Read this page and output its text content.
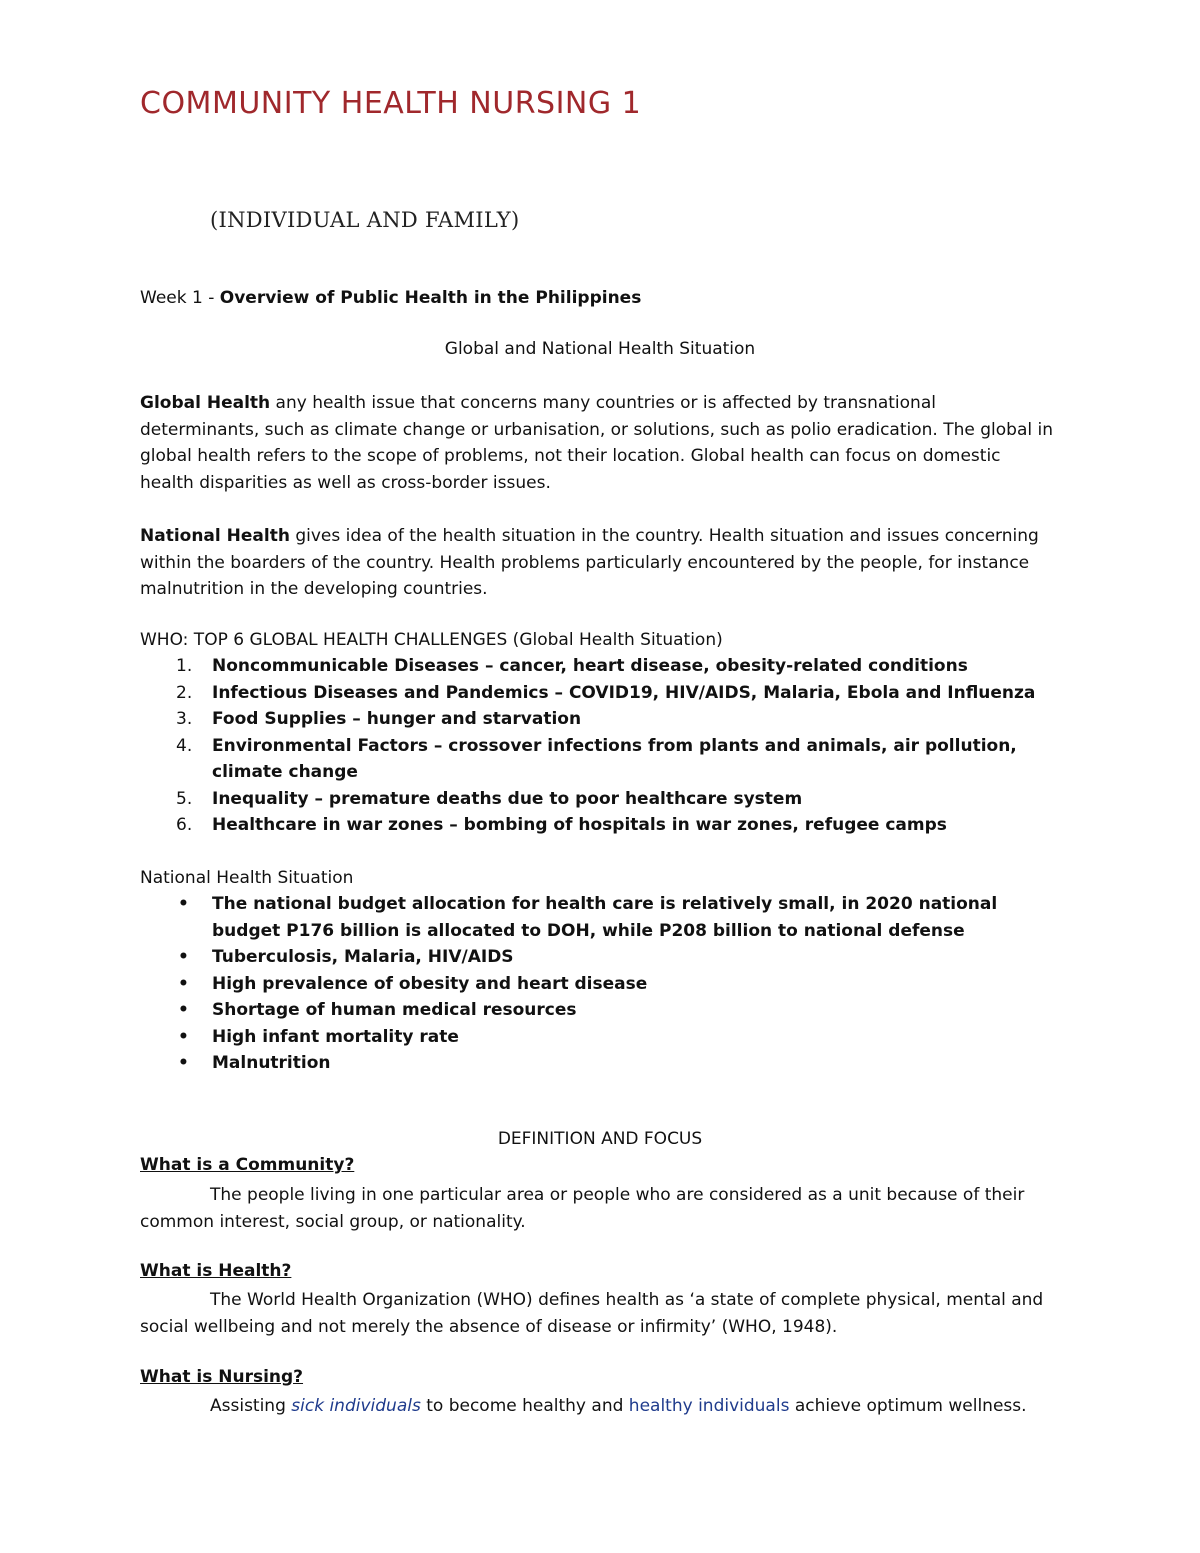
COMMUNITY HEALTH NURSING 1
(INDIVIDUAL AND FAMILY)
Week 1 - Overview of Public Health in the Philippines
Global and National Health Situation
Global Health any health issue that concerns many countries or is affected by transnational determinants, such as climate change or urbanisation, or solutions, such as polio eradication. The global in global health refers to the scope of problems, not their location. Global health can focus on domestic health disparities as well as cross-border issues.
National Health gives idea of the health situation in the country. Health situation and issues concerning within the boarders of the country. Health problems particularly encountered by the people, for instance malnutrition in the developing countries.
WHO: TOP 6 GLOBAL HEALTH CHALLENGES (Global Health Situation)
1. Noncommunicable Diseases – cancer, heart disease, obesity-related conditions
2. Infectious Diseases and Pandemics – COVID19, HIV/AIDS, Malaria, Ebola and Influenza
3. Food Supplies – hunger and starvation
4. Environmental Factors – crossover infections from plants and animals, air pollution, climate change
5. Inequality – premature deaths due to poor healthcare system
6. Healthcare in war zones – bombing of hospitals in war zones, refugee camps
National Health Situation
• The national budget allocation for health care is relatively small, in 2020 national budget P176 billion is allocated to DOH, while P208 billion to national defense
• Tuberculosis, Malaria, HIV/AIDS
• High prevalence of obesity and heart disease
• Shortage of human medical resources
• High infant mortality rate
• Malnutrition
DEFINITION AND FOCUS
What is a Community?
The people living in one particular area or people who are considered as a unit because of their common interest, social group, or nationality.
What is Health?
The World Health Organization (WHO) defines health as ‘a state of complete physical, mental and social wellbeing and not merely the absence of disease or infirmity’ (WHO, 1948).
What is Nursing?
Assisting sick individuals to become healthy and healthy individuals achieve optimum wellness.
